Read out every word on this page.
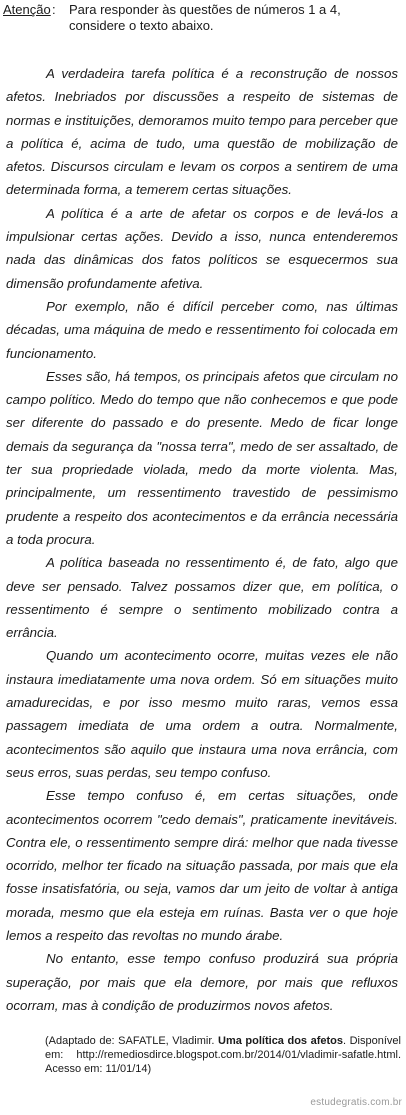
Atenção : Para responder às questões de números 1 a 4, considere o texto abaixo.

A verdadeira tarefa política é a reconstrução de nossos afetos. Inebriados por discussões a respeito de sistemas de normas e instituições, demoramos muito tempo para perceber que a política é, acima de tudo, uma questão de mobilização de afetos. Discursos circulam e levam os corpos a sentirem de uma determinada forma, a temerem certas situações.

A política é a arte de afetar os corpos e de levá-los a impulsionar certas ações. Devido a isso, nunca entenderemos nada das dinâmicas dos fatos políticos se esquecermos sua dimensão profundamente afetiva.

Por exemplo, não é difícil perceber como, nas últimas décadas, uma máquina de medo e ressentimento foi colocada em funcionamento.

Esses são, há tempos, os principais afetos que circulam no campo político. Medo do tempo que não conhecemos e que pode ser diferente do passado e do presente. Medo de ficar longe demais da segurança da "nossa terra", medo de ser assaltado, de ter sua propriedade violada, medo da morte violenta. Mas, principalmente, um ressentimento travestido de pessimismo prudente a respeito dos acontecimentos e da errância necessária a toda procura.

A política baseada no ressentimento é, de fato, algo que deve ser pensado. Talvez possamos dizer que, em política, o ressentimento é sempre o sentimento mobilizado contra a errância.

Quando um acontecimento ocorre, muitas vezes ele não instaura imediatamente uma nova ordem. Só em situações muito amadurecidas, e por isso mesmo muito raras, vemos essa passagem imediata de uma ordem a outra. Normalmente, acontecimentos são aquilo que instaura uma nova errância, com seus erros, suas perdas, seu tempo confuso.

Esse tempo confuso é, em certas situações, onde acontecimentos ocorrem "cedo demais", praticamente inevitáveis. Contra ele, o ressentimento sempre dirá: melhor que nada tivesse ocorrido, melhor ter ficado na situação passada, por mais que ela fosse insatisfatória, ou seja, vamos dar um jeito de voltar à antiga morada, mesmo que ela esteja em ruínas. Basta ver o que hoje lemos a respeito das revoltas no mundo árabe.

No entanto, esse tempo confuso produzirá sua própria superação, por mais que ela demore, por mais que refluxos ocorram, mas à condição de produzirmos novos afetos.

(Adaptado de: SAFATLE, Vladimir. Uma política dos afetos. Disponível em: http://remediosdirce.blogspot.com.br/2014/01/vladimir-safatle.html. Acesso em: 11/01/14)
estudegratis.com.br
